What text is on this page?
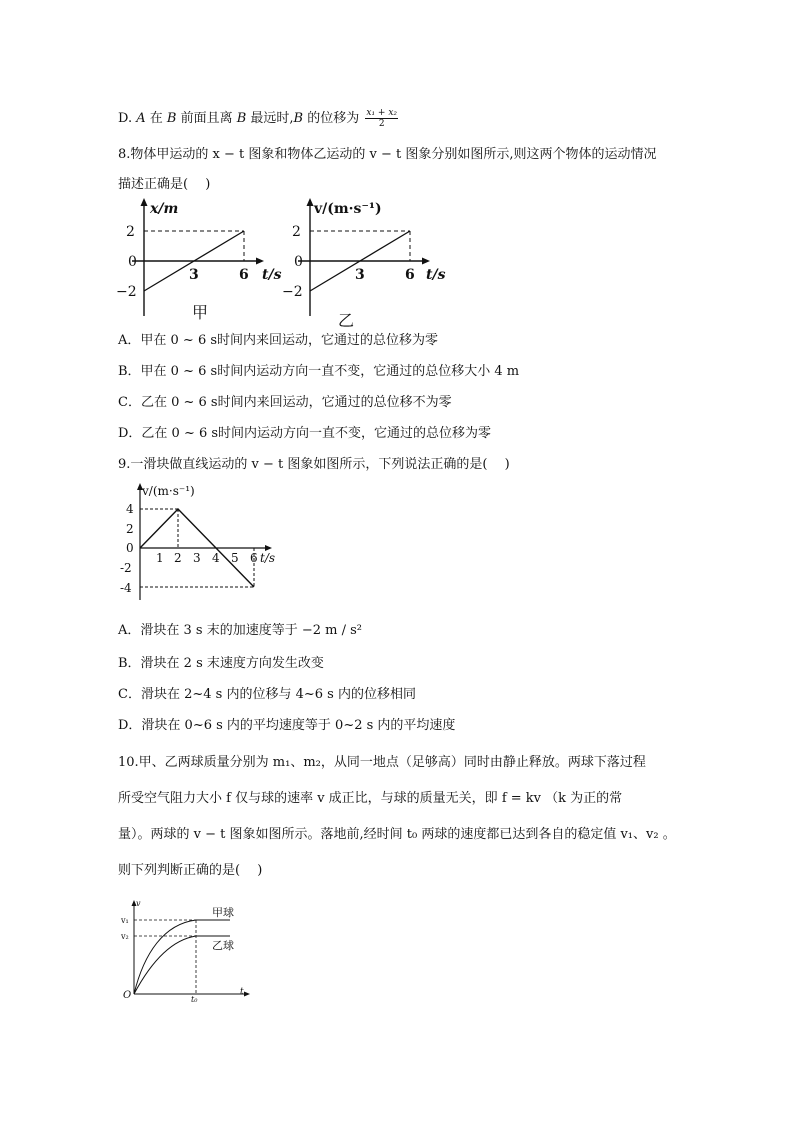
D. A 在 B 前面且离 B 最远时,B 的位移为 $\frac{\text{x₁ + x₂}}{2}$
8.物体甲运动的 x − t 图象和物体乙运动的 v − t 图象分别如图所示,则这两个物体的运动情况
描述正确是(　 )
x/m
2
0
−2
3	6 t/s
甲
v/(m·s⁻¹)
2
0
−2
3	6 t/s
乙
A．甲在 0 ~ 6 s时间内来回运动，它通过的总位移为零
B．甲在 0 ~ 6 s时间内运动方向一直不变，它通过的总位移大小 4 m
C．乙在 0 ~ 6 s时间内来回运动，它通过的总位移不为零
D．乙在 0 ~ 6 s时间内运动方向一直不变，它通过的总位移为零
9.一滑块做直线运动的 v − t 图象如图所示，下列说法正确的是(　 )
v/(m·s⁻¹)
4
2
0
-2
-4
1 2 3 4 5 6 t/s
A．滑块在 3 s 末的加速度等于 −2 m / s²
B．滑块在 2 s 末速度方向发生改变
C．滑块在 2~4 s 内的位移与 4~6 s 内的位移相同
D．滑块在 0~6 s 内的平均速度等于 0~2 s 内的平均速度
10.甲、乙两球质量分别为 m₁、m₂，从同一地点（足够高）同时由静止释放。两球下落过程
所受空气阻力大小 f 仅与球的速率 v 成正比，与球的质量无关，即 f = kv （k 为正的常
量）。两球的 v − t 图象如图所示。落地前,经时间 t₀ 两球的速度都已达到各自的稳定值 v₁、v₂ 。
则下列判断正确的是(　 )
v
v₁
v₂
O	t₀
t
甲球
乙球
